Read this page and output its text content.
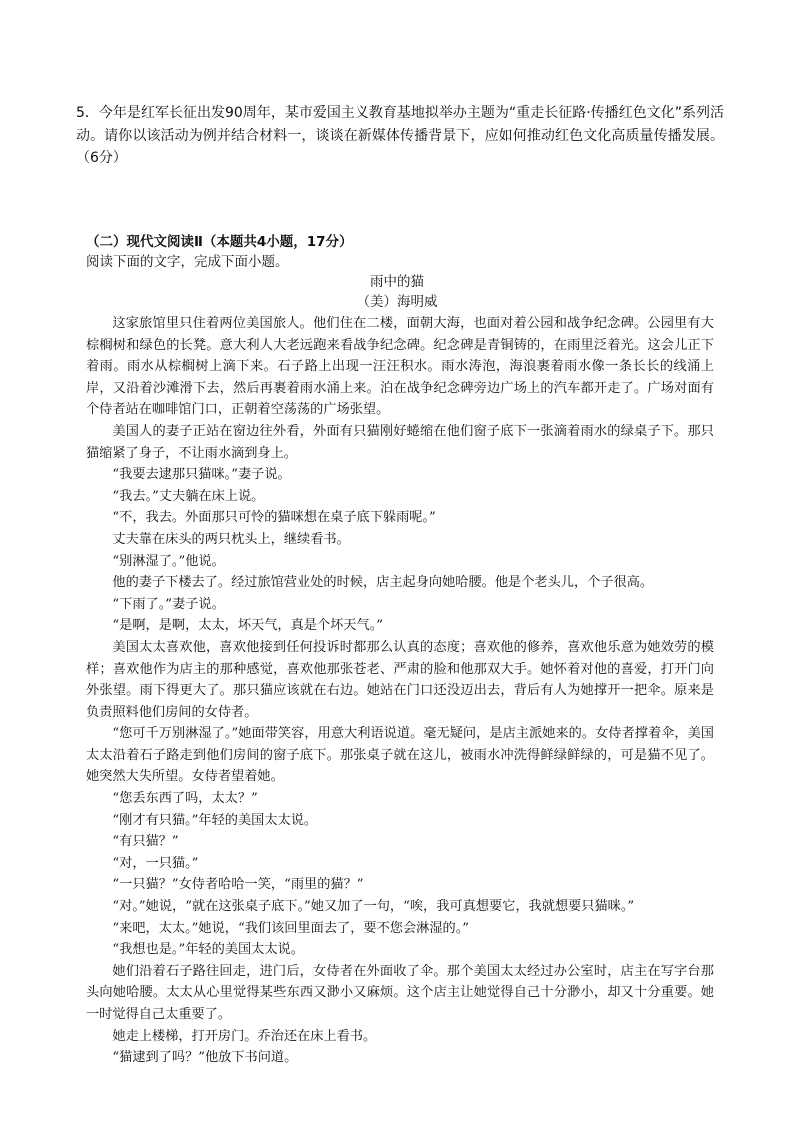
5．今年是红军长征出发90周年，某市爱国主义教育基地拟举办主题为“重走长征路·传播红色文化”系列活动。请你以该活动为例并结合材料一，谈谈在新媒体传播背景下，应如何推动红色文化高质量传播发展。（6分）
（二）现代文阅读Ⅱ（本题共4小题，17分）
阅读下面的文字，完成下面小题。
雨中的猫
（美）海明威

这家旅馆里只住着两位美国旅人。他们住在二楼，面朝大海，也面对着公园和战争纪念碑。公园里有大棕榈树和绿色的长凳。意大利人大老远跑来看战争纪念碑。纪念碑是青铜铸的，在雨里泛着光。这会儿正下着雨。雨水从棕榈树上滴下来。石子路上出现一汪汪积水。雨水涛泡，海浪裹着雨水像一条长长的线涌上岸，又沿着沙滩滑下去，然后再裹着雨水涌上来。泊在战争纪念碑旁边广场上的汽车都开走了。广场对面有个侍者站在咖啡馆门口，正朝着空荡荡的广场张望。

美国人的妻子正站在窗边往外看，外面有只猫刚好蜷缩在他们窗子底下一张滴着雨水的绿桌子下。那只猫缩紧了身子，不让雨水滴到身上。

“我要去逮那只猫咪。”妻子说。

“我去。”丈夫躺在床上说。

“不，我去。外面那只可怜的猫咪想在桌子底下躲雨呢。”

丈夫靠在床头的两只枕头上，继续看书。

“别淋湿了。”他说。

他的妻子下楼去了。经过旅馆营业处的时候，店主起身向她哈腰。他是个老头儿，个子很高。

“下雨了。”妻子说。

“是啊，是啊，太太，坏天气，真是个坏天气。”

美国太太喜欢他，喜欢他接到任何投诉时都那么认真的态度；喜欢他的修养，喜欢他乐意为她效劳的模样；喜欢他作为店主的那种感觉，喜欢他那张苍老、严肃的脸和他那双大手。她怀着对他的喜爱，打开门向外张望。雨下得更大了。那只猫应该就在右边。她站在门口还没迈出去，背后有人为她撑开一把伞。原来是负责照料他们房间的女侍者。

“您可千万别淋湿了。”她面带笑容，用意大利语说道。毫无疑问，是店主派她来的。女侍者撑着伞，美国太太沿着石子路走到他们房间的窗子底下。那张桌子就在这儿，被雨水冲洗得鲜绿鲜绿的，可是猫不见了。她突然大失所望。女侍者望着她。

“您丢东西了吗，太太？”

“刚才有只猫。”年轻的美国太太说。

“有只猫？”

“对，一只猫。”

“一只猫？”女侍者哈哈一笑，“雨里的猫？”

“对。”她说，“就在这张桌子底下。”她又加了一句，“唉，我可真想要它，我就想要只猫咪。”

“来吧，太太。”她说，“我们该回里面去了，要不您会淋湿的。”

“我想也是。”年轻的美国太太说。

她们沿着石子路往回走，进门后，女侍者在外面收了伞。那个美国太太经过办公室时，店主在写字台那头向她哈腰。太太从心里觉得某些东西又渺小又麻烦。这个店主让她觉得自己十分渺小，却又十分重要。她一时觉得自己太重要了。

她走上楼梯，打开房门。乔治还在床上看书。

“猫逮到了吗？”他放下书问道。
